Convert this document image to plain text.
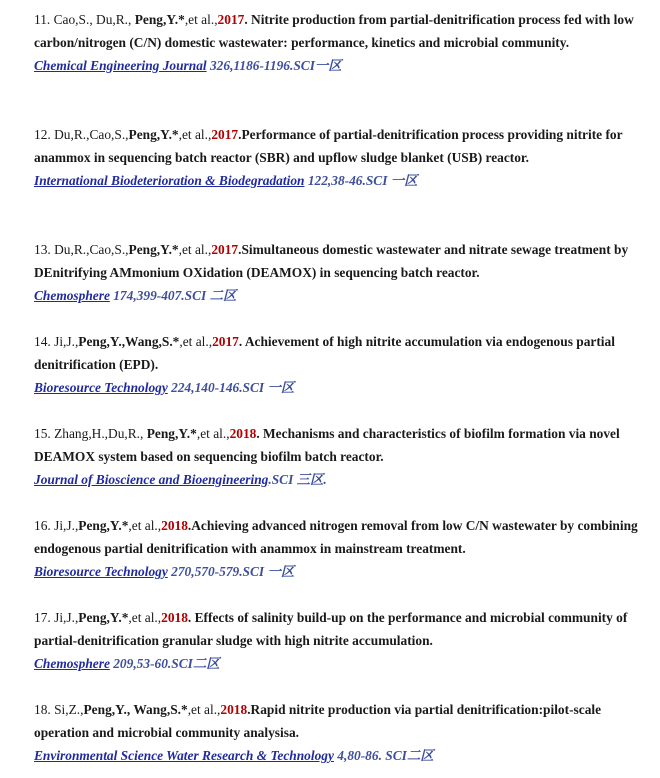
11. Cao,S., Du,R., Peng,Y.*,et al.,2017. Nitrite production from partial-denitrification process fed with low carbon/nitrogen (C/N) domestic wastewater: performance, kinetics and microbial community.
Chemical Engineering Journal 326,1186-1196.SCI一区
12. Du,R.,Cao,S.,Peng,Y.*,et al.,2017.Performance of partial-denitrification process providing nitrite for anammox in sequencing batch reactor (SBR) and upflow sludge blanket (USB) reactor.
International Biodeterioration & Biodegradation 122,38-46.SCI 一区
13. Du,R.,Cao,S.,Peng,Y.*,et al.,2017.Simultaneous domestic wastewater and nitrate sewage treatment by DEnitrifying AMmonium OXidation (DEAMOX) in sequencing batch reactor.
Chemosphere 174,399-407.SCI 二区
14. Ji,J.,Peng,Y.,Wang,S.*,et al.,2017. Achievement of high nitrite accumulation via endogenous partial denitrification (EPD).
Bioresource Technology 224,140-146.SCI 一区
15. Zhang,H.,Du,R., Peng,Y.*,et al.,2018. Mechanisms and characteristics of biofilm formation via novel DEAMOX system based on sequencing biofilm batch reactor.
Journal of Bioscience and Bioengineering.SCI 三区.
16. Ji,J.,Peng,Y.*,et al.,2018.Achieving advanced nitrogen removal from low C/N wastewater by combining endogenous partial denitrification with anammox in mainstream treatment.
Bioresource Technology 270,570-579.SCI 一区
17. Ji,J.,Peng,Y.*,et al.,2018. Effects of salinity build-up on the performance and microbial community of partial-denitrification granular sludge with high nitrite accumulation.
Chemosphere 209,53-60.SCI二区
18. Si,Z.,Peng,Y., Wang,S.*,et al.,2018.Rapid nitrite production via partial denitrification:pilot-scale operation and microbial community analysisa.
Environmental Science Water Research & Technology 4,80-86. SCI二区
